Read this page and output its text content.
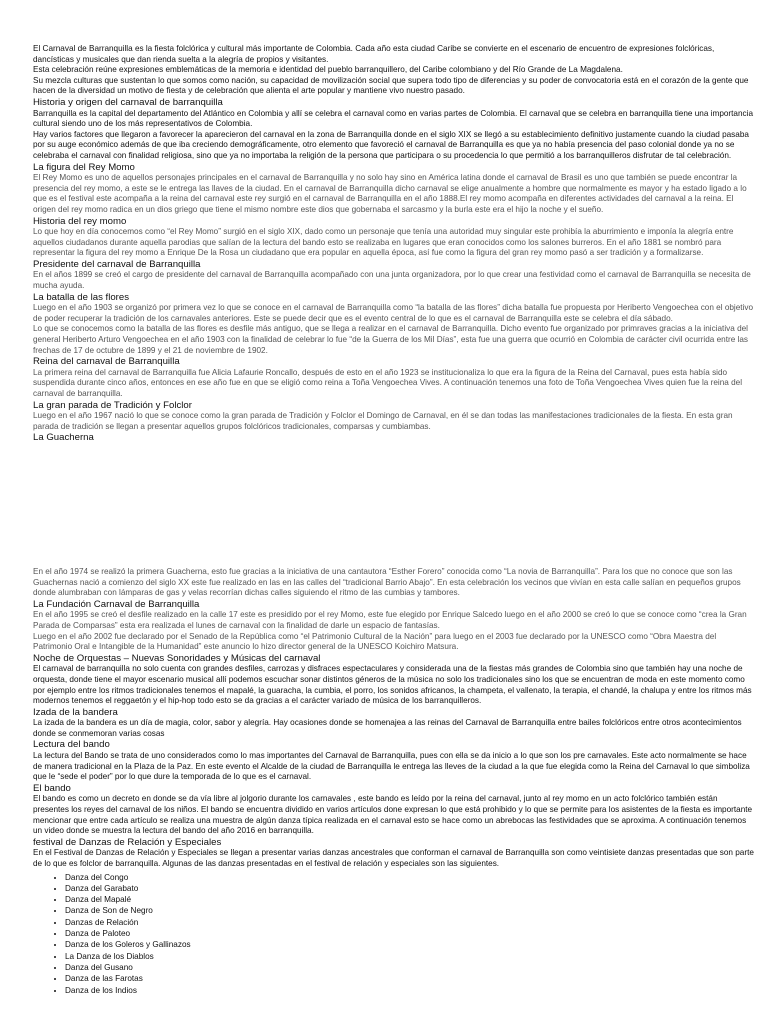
El Carnaval de Barranquilla es la fiesta folclórica y cultural más importante de Colombia. Cada año esta ciudad Caribe se convierte en el escenario de encuentro de expresiones folclóricas, dancísticas y musicales que dan rienda suelta a la alegría de propios y visitantes.

Esta celebración reúne expresiones emblemáticas de la memoria e identidad del pueblo barranquillero, del Caribe colombiano y del Río Grande de La Magdalena.

Su mezcla culturas que sustentan lo que somos como nación, su capacidad de movilización social que supera todo tipo de diferencias y su poder de convocatoria está en el corazón de la gente que hacen de la diversidad un motivo de fiesta y de celebración que alienta el arte popular y mantiene vivo nuestro pasado.

Historia y origen del carnaval de barranquilla

Barranquilla es la capital del departamento del Atlántico en Colombia y allí se celebra el carnaval como en varias partes de Colombia. El carnaval que se celebra en barranquilla tiene una importancia cultural siendo uno de los más representativos de Colombia.

Hay varios factores que llegaron a favorecer la aparecieron del carnaval en la zona de Barranquilla donde en el siglo XIX se llegó a su establecimiento definitivo justamente cuando la ciudad pasaba por su auge económico además de que iba creciendo demográficamente, otro elemento que favoreció el carnaval de Barranquilla es que ya no había presencia del paso colonial donde ya no se celebraba el carnaval con finalidad religiosa, sino que ya no importaba la religión de la persona que participara o su procedencia lo que permitió a los barranquilleros disfrutar de tal celebración.

La figura del Rey Momo

El Rey Momo es uno de aquellos personajes principales en el carnaval de Barranquilla y no solo hay sino en América latina donde el carnaval de Brasil es uno que también se puede encontrar la presencia del rey momo, a este se le entrega las llaves de la ciudad. En el carnaval de Barranquilla dicho carnaval se elige anualmente a hombre que normalmente es mayor y ha estado ligado a lo que es el festival este acompaña a la reina del carnaval este rey surgió en el carnaval de Barranquilla en el año 1888.El rey momo acompaña en diferentes actividades del carnaval a la reina. El origen del rey momo radica en un dios griego que tiene el mismo nombre este dios que gobernaba el sarcasmo y la burla este era el hijo la noche y el sueño.

Historia del rey momo

Lo que hoy en día conocemos como “el Rey Momo” surgió en el siglo XIX, dado como un personaje que tenía una autoridad muy singular este prohibía la aburrimiento e imponía la alegría entre aquellos ciudadanos durante aquella parodias que salían de la lectura del bando esto se realizaba en lugares que eran conocidos como los salones burreros. En el año 1881 se nombró para representar la figura del rey momo a Enrique De la Rosa un ciudadano que era popular en aquella época, así fue como la figura del gran rey momo pasó a ser tradición y a formalizarse.

Presidente del carnaval de Barranquilla

En el años 1899 se creó el cargo de presidente del carnaval de Barranquilla acompañado con una junta organizadora, por lo que crear una festividad como el carnaval de Barranquilla se necesita de mucha ayuda.

La batalla de las flores

Luego en el año 1903 se organizó por primera vez lo que se conoce en el carnaval de Barranquilla como “la batalla de las flores” dicha batalla fue propuesta por Heriberto Vengoechea con el objetivo de poder recuperar la tradición de los carnavales anteriores. Este se puede decir que es el evento central de lo que es el carnaval de Barranquilla este se celebra el día sábado.

Lo que se conocemos como la batalla de las flores es desfile más antiguo, que se llega a realizar en el carnaval de Barranquilla. Dicho evento fue organizado por primraves gracias a la iniciativa del general Heriberto Arturo Vengoechea en el año 1903 con la finalidad de celebrar lo fue “de la Guerra de los Mil Días”, esta fue una guerra que ocurrió en Colombia de carácter civil ocurrida entre las frechas de 17 de octubre de 1899 y el 21 de noviembre de 1902.

Reina del carnaval de Barranquilla

La primera reina del carnaval de Barranquilla fue Alicia Lafaurie Roncallo, después de esto en el año 1923 se institucionaliza lo que era la figura de la Reina del Carnaval, pues esta había sido suspendida durante cinco años, entonces en ese año fue en que se eligió como reina a Toña Vengoechea Vives. A continuación tenemos una foto de Toña Vengoechea Vives quien fue la reina del carnaval de barranquilla.

La gran parada de Tradición y Folclor

Luego en el año 1967 nació lo que se conoce como la gran parada de Tradición y Folclor el Domingo de Carnaval, en él se dan todas las manifestaciones tradicionales de la fiesta. En esta gran parada de tradición se llegan a presentar aquellos grupos folclóricos tradicionales, comparsas y cumbiambas.

La Guacherna

En el año 1974 se realizó la primera Guacherna, esto fue gracias a la iniciativa de una cantautora “Esther Forero” conocida como “La novia de Barranquilla”. Para los que no conoce que son las Guachernas nació a comienzo del siglo XX este fue realizado en las en las calles del “tradicional Barrio Abajo”. En esta celebración los vecinos que vivían en esta calle salían en pequeños grupos donde alumbraban con lámparas de gas y velas recorrían dichas calles siguiendo el ritmo de las cumbias y tambores.

La Fundación Carnaval de Barranquilla

En el año 1995 se creó el desfile realizado en la calle 17 este es presidido por el rey Momo, este fue elegido por Enrique Salcedo luego en el año 2000 se creó lo que se conoce como “crea la Gran Parada de Comparsas” esta era realizada el lunes de carnaval con la finalidad de darle un espacio de fantasías.

Luego en el año 2002 fue declarado por el Senado de la República como “el Patrimonio Cultural de la Nación” para luego en el 2003 fue declarado por la UNESCO como “Obra Maestra del Patrimonio Oral e Intangible de la Humanidad” este anuncio lo hizo director general de la UNESCO Koichiro Matsura.

Noche de Orquestas – Nuevas Sonoridades y Músicas del carnaval

El carnaval de barranquilla no solo cuenta con grandes desfiles, carrozas y disfraces espectaculares y considerada una de la fiestas más grandes de Colombia sino que también hay una noche de orquesta, donde tiene el mayor escenario musical allí podemos escuchar sonar distintos géneros de la música no solo los tradicionales sino los que se encuentran de moda en este momento como por ejemplo entre los ritmos tradicionales tenemos el mapalé, la guaracha, la cumbia, el porro, los sonidos africanos, la champeta, el vallenato, la terapia, el chandé, la chalupa y entre los ritmos más modernos tenemos el reggaetón y el hip-hop todo esto se da gracias a el carácter variado de música de los barranquilleros.

Izada de la bandera

La izada de la bandera es un día de magia, color, sabor y alegría. Hay ocasiones donde se homenajea a las reinas del Carnaval de Barranquilla entre bailes folclóricos entre otros acontecimientos donde se conmemoran varias cosas

Lectura del bando

La lectura del Bando se trata de uno considerados como lo mas importantes del Carnaval de Barranquilla, pues con ella se da inicio a lo que son los pre carnavales. Este acto normalmente se hace de manera tradicional en la Plaza de la Paz. En este evento el Alcalde de la ciudad de Barranquilla le entrega las lleves de la ciudad a la que fue elegida como la Reina del Carnaval lo que simboliza que le “sede el poder” por lo que dure la temporada de lo que es el carnaval.

El bando

El bando es como un decreto en donde se da vía libre al jolgorio durante los carnavales , este bando es leído por la reina del carnaval, junto al rey momo en un acto folclórico también están presentes los reyes del carnaval de los niños. El bando se encuentra dividido en varios artículos done expresan lo que está prohibido y lo que se permite para los asistentes de la fiesta es importante mencionar que entre cada artículo se realiza una muestra de algún danza típica realizada en el carnaval esto se hace como un abrebocas las festividades que se aproxima. A continuación tenemos un video donde se muestra la lectura del bando del año 2016 en barranquilla.

festival de Danzas de Relación y Especiales

En el Festival de Danzas de Relación y Especiales se llegan a presentar varias danzas ancestrales que conforman el carnaval de Barranquilla son como veintisiete danzas presentadas que son parte de lo que es folclor de barranquilla. Algunas de las danzas presentadas en el festival de relación y especiales son las siguientes.

• Danza del Congo
• Danza del Garabato
• Danza del Mapalé
• Danza de Son de Negro
• Danzas de Relación
• Danza de Paloteo
• Danza de los Goleros y Gallinazos
• La Danza de los Diablos
• Danza del Gusano
• Danza de las Farotas
• Danza de los Indios
